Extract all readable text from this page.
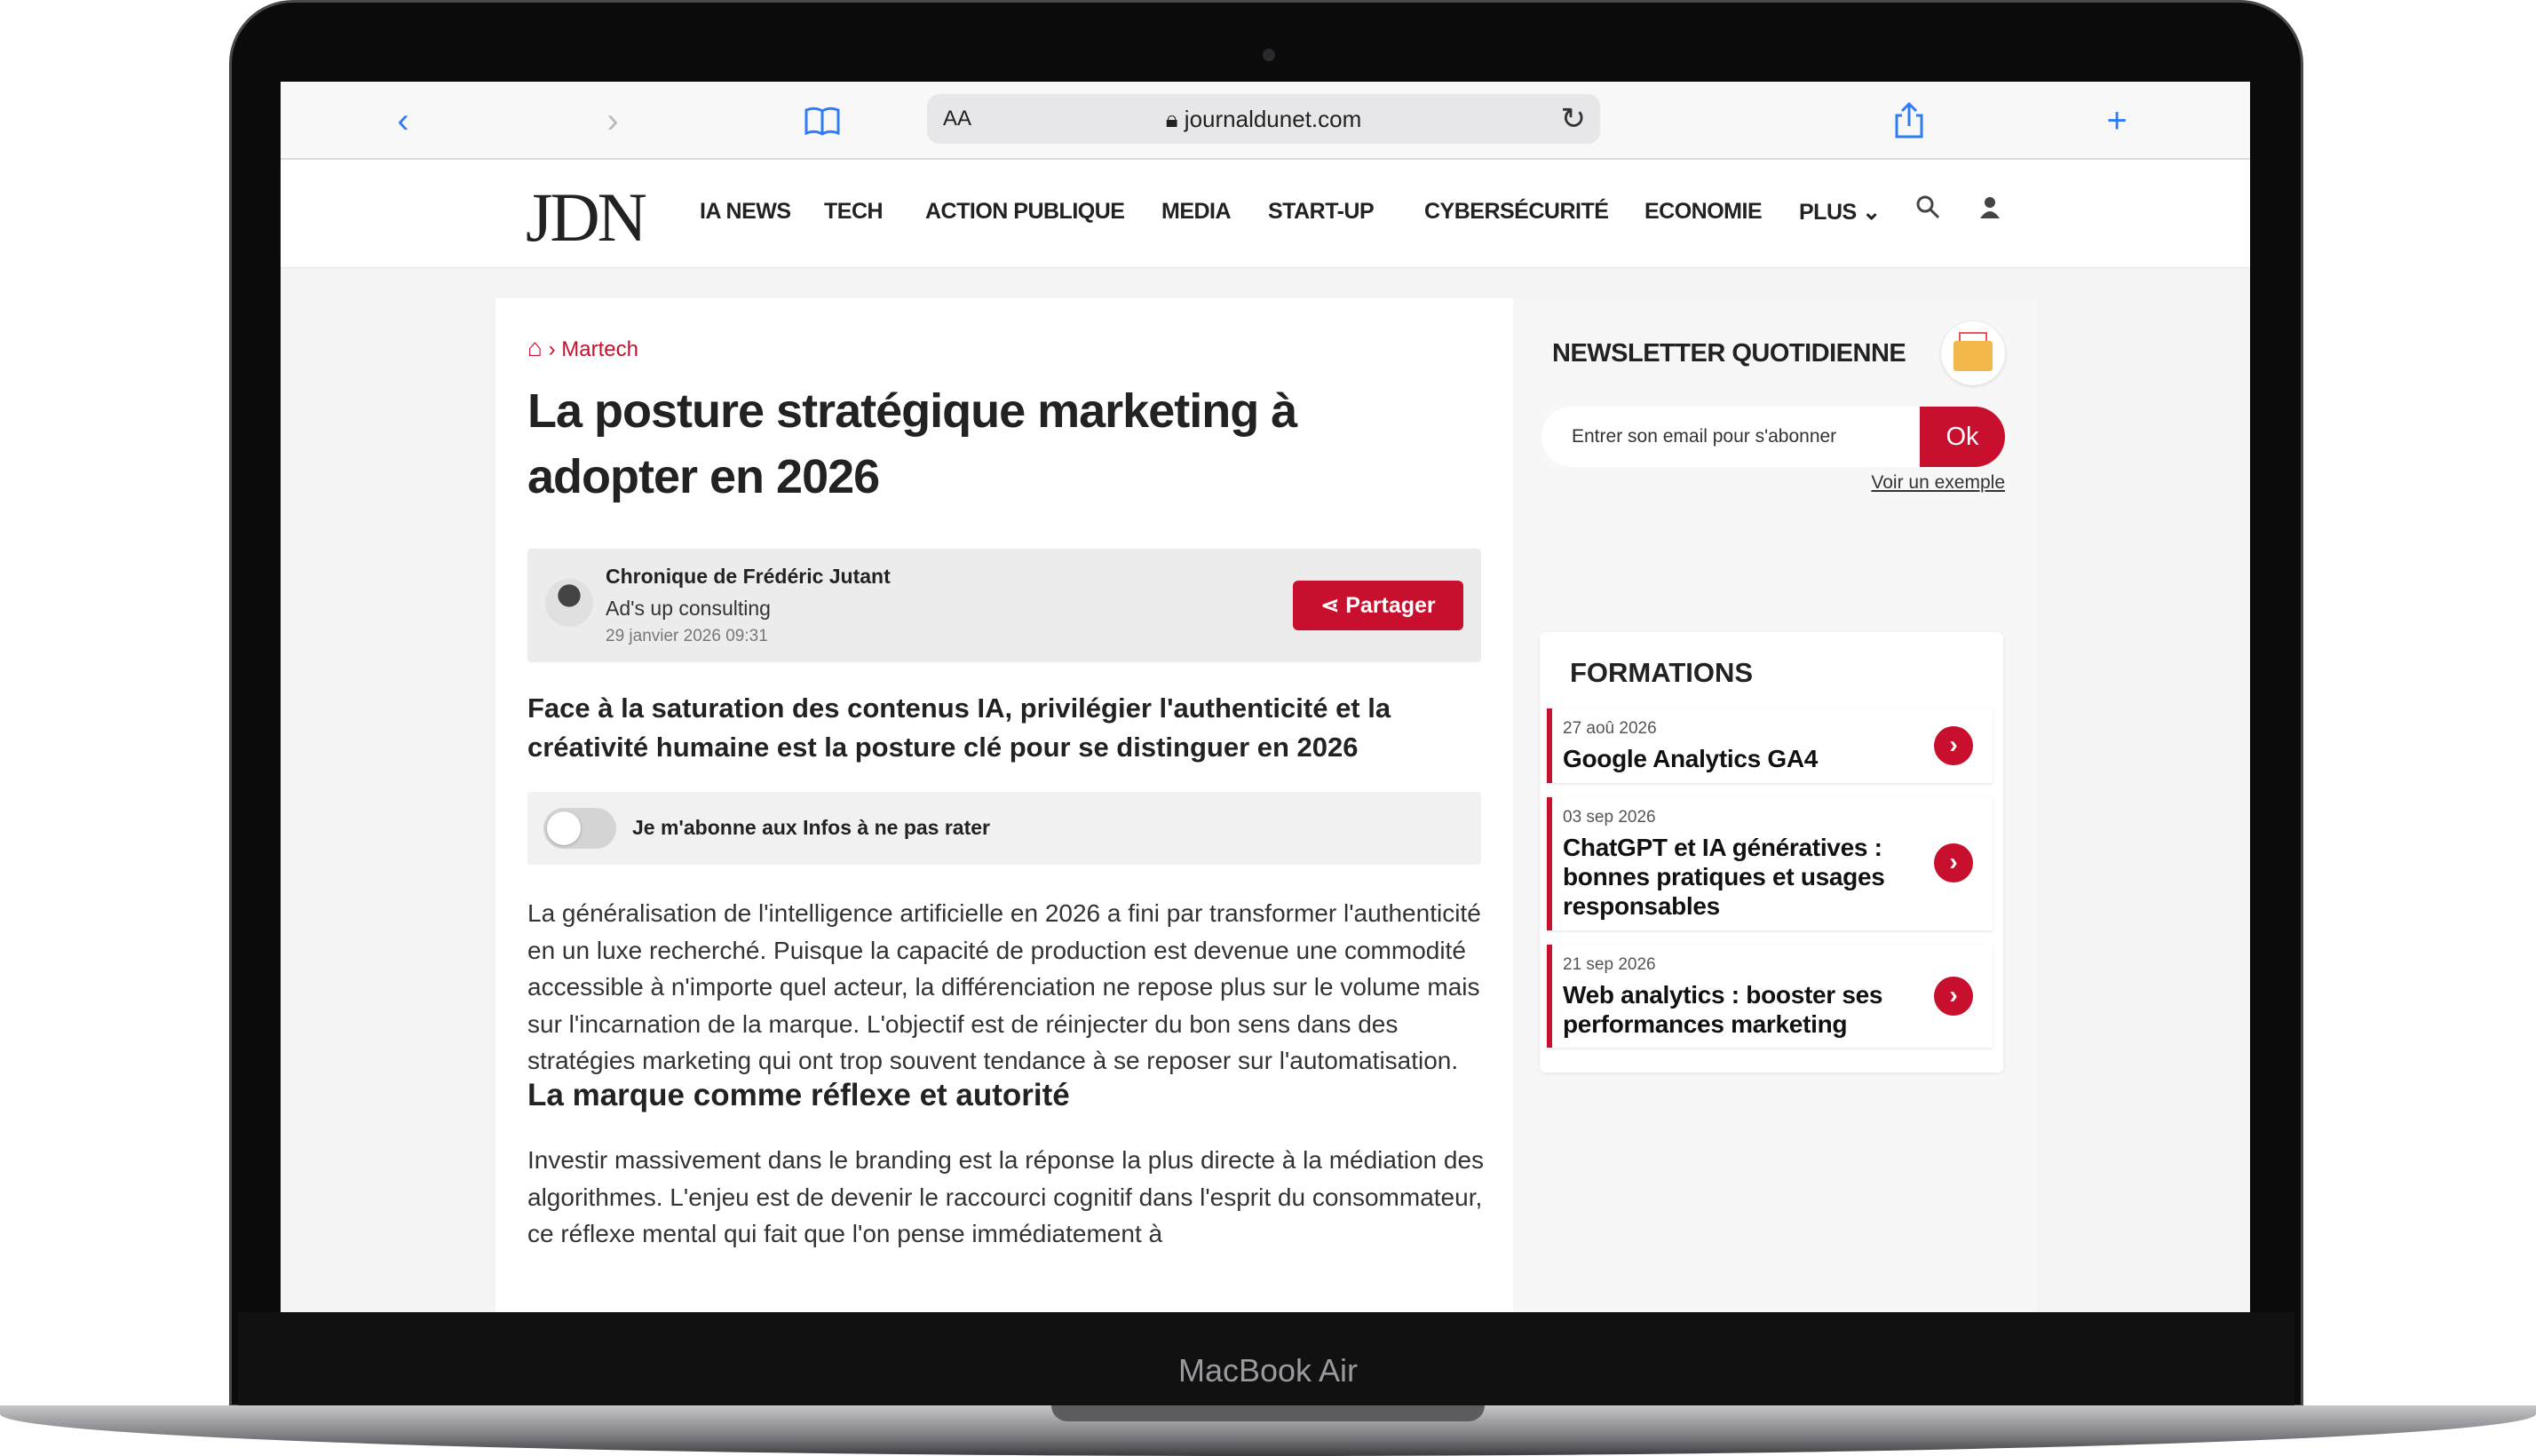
‹	›	AA	🔒︎ journaldunet.com	↻	+
JDN IA NEWS TECH ACTION PUBLIQUE MEDIA START-UP CYBERSÉCURITÉ ECONOMIE PLUS ⌄
⌂ › Martech
La posture stratégique marketing à adopter en 2026
Chronique de Frédéric Jutant
Ad's up consulting
29 janvier 2026 09:31
⋖ Partager
Face à la saturation des contenus IA, privilégier l'authenticité et la créativité humaine est la posture clé pour se distinguer en 2026
Je m'abonne aux Infos à ne pas rater
La généralisation de l'intelligence artificielle en 2026 a fini par transformer l'authenticité en un luxe recherché. Puisque la capacité de production est devenue une commodité accessible à n'importe quel acteur, la différenciation ne repose plus sur le volume mais sur l'incarnation de la marque. L'objectif est de réinjecter du bon sens dans des stratégies marketing qui ont trop souvent tendance à se reposer sur l'automatisation.
La marque comme réflexe et autorité
Investir massivement dans le branding est la réponse la plus directe à la médiation des algorithmes. L'enjeu est de devenir le raccourci cognitif dans l'esprit du consommateur, ce réflexe mental qui fait que l'on pense immédiatement à
NEWSLETTER QUOTIDIENNE
Entrer son email pour s'abonner	Ok
Voir un exemple
FORMATIONS
27 aoû 2026
Google Analytics GA4
›
03 sep 2026
ChatGPT et IA génératives : bonnes pratiques et usages responsables
›
21 sep 2026
Web analytics : booster ses performances marketing
›
MacBook Air
